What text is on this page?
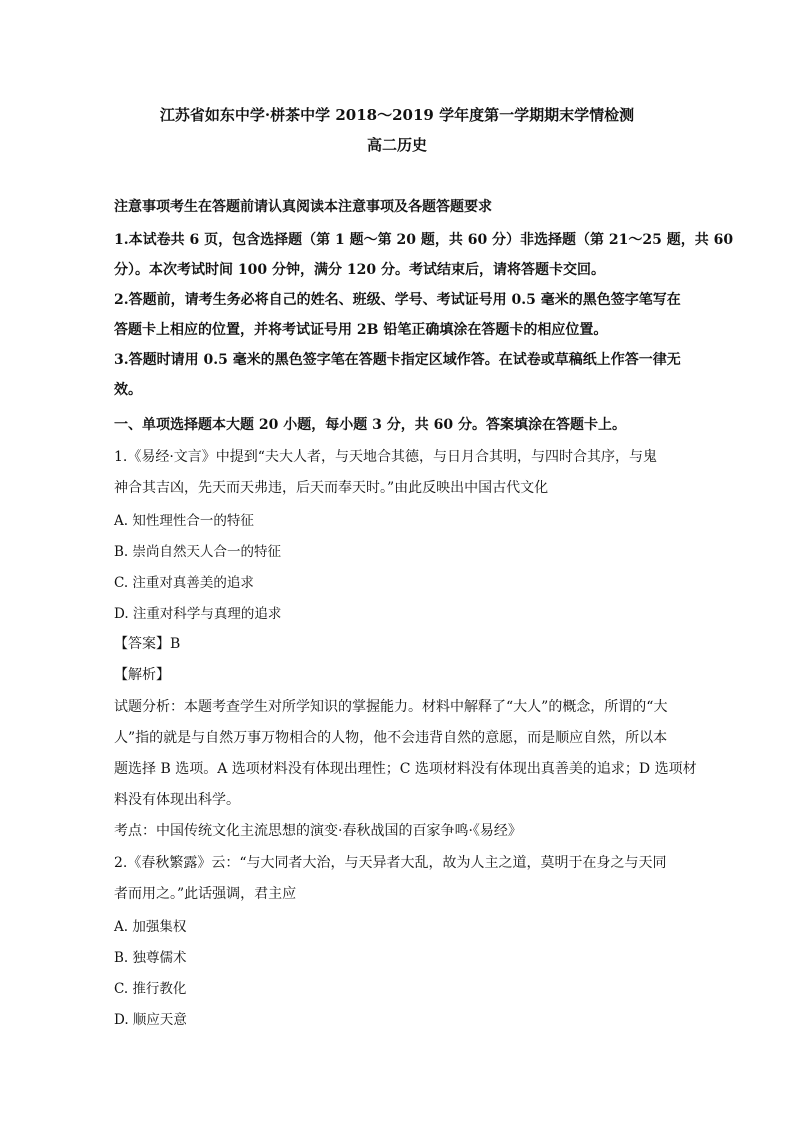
江苏省如东中学·栟茶中学 2018～2019 学年度第一学期期末学情检测
高二历史
注意事项考生在答题前请认真阅读本注意事项及各题答题要求
1.本试卷共 6 页，包含选择题（第 1 题～第 20 题，共 60 分）非选择题（第 21～25 题，共 60
分）。本次考试时间 100 分钟，满分 120 分。考试结束后，请将答题卡交回。
2.答题前，请考生务必将自己的姓名、班级、学号、考试证号用 0.5 毫米的黑色签字笔写在
答题卡上相应的位置，并将考试证号用 2B 铅笔正确填涂在答题卡的相应位置。
3.答题时请用 0.5 毫米的黑色签字笔在答题卡指定区域作答。在试卷或草稿纸上作答一律无
效。
一、单项选择题本大题 20 小题，每小题 3 分，共 60 分。答案填涂在答题卡上。
1.《易经·文言》中提到“夫大人者，与天地合其德，与日月合其明，与四时合其序，与鬼
神合其吉凶，先天而天弗违，后天而奉天时。”由此反映出中国古代文化
A. 知性理性合一的特征
B. 崇尚自然天人合一的特征
C. 注重对真善美的追求
D. 注重对科学与真理的追求
【答案】B
【解析】
试题分析：本题考查学生对所学知识的掌握能力。材料中解释了“大人”的概念，所谓的“大
人”指的就是与自然万事万物相合的人物，他不会违背自然的意愿，而是顺应自然，所以本
题选择 B 选项。A 选项材料没有体现出理性；C 选项材料没有体现出真善美的追求；D 选项材
料没有体现出科学。
考点：中国传统文化主流思想的演变·春秋战国的百家争鸣·《易经》
2.《春秋繁露》云：“与大同者大治，与天异者大乱，故为人主之道，莫明于在身之与天同
者而用之。”此话强调，君主应
A. 加强集权
B. 独尊儒术
C. 推行教化
D. 顺应天意
